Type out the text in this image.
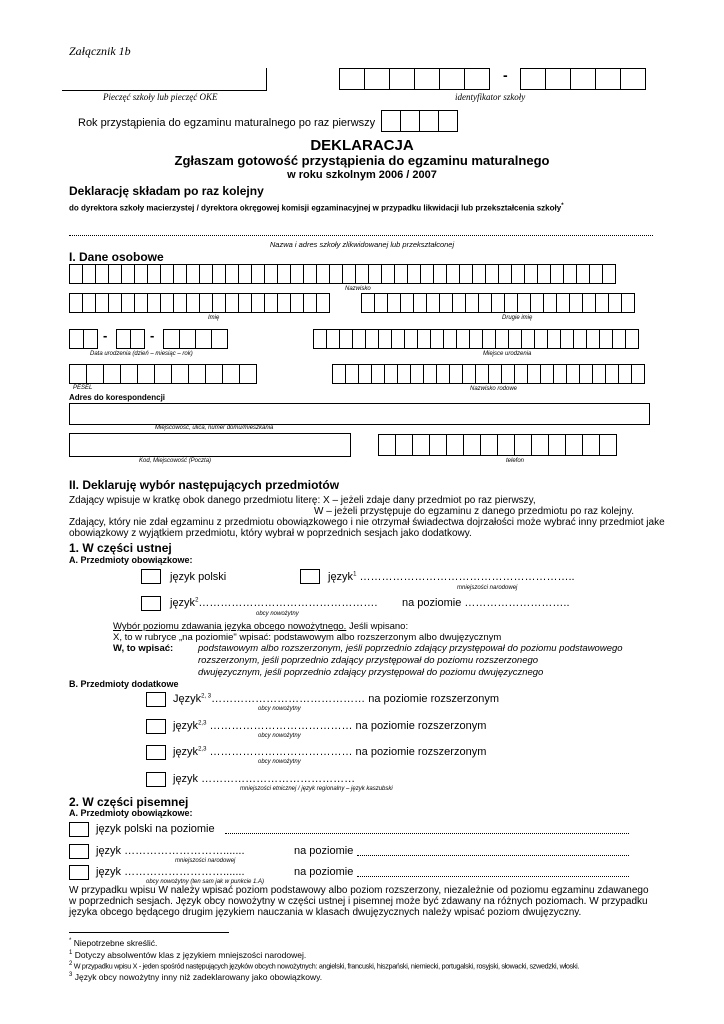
Załącznik 1b
Pieczęć szkoły lub pieczęć OKE
-
identyfikator szkoły
Rok przystąpienia do egzaminu maturalnego po raz pierwszy
DEKLARACJA
Zgłaszam gotowość przystąpienia do egzaminu maturalnego
w roku szkolnym 2006 / 2007
Deklarację składam po raz kolejny
do dyrektora szkoły macierzystej / dyrektora okręgowej komisji egzaminacyjnej w przypadku likwidacji lub przekształcenia szkoły*
Nazwa i adres szkoły zlikwidowanej lub przekształconej
I. Dane osobowe
Nazwisko
Imię	Drugie imię
-	-
Data urodzenia (dzień – miesiąc – rok)	Miejsce urodzenia
PESEL	Nazwisko rodowe
Adres do korespondencji
Miejscowość, ulica, numer domu/mieszkania
Kod, Miejscowość (Poczta)	telefon
II. Deklaruję wybór następujących przedmiotów
Zdający wpisuje w kratkę obok danego przedmiotu literę: X – jeżeli zdaje dany przedmiot po raz pierwszy,
W – jeżeli przystępuje do egzaminu z danego przedmiotu po raz kolejny.
Zdający, który nie zdał egzaminu z przedmiotu obowiązkowego i nie otrzymał świadectwa dojrzałości może wybrać inny przedmiot jake
obowiązkowy z wyjątkiem przedmiotu, który wybrał w poprzednich sesjach jako dodatkowy.
1. W części ustnej
A. Przedmioty obowiązkowe:
język polski	język$^1$ …………………………………………………..
mniejszości narodowej
język$^2$…………………………………………. na poziomie ………………………..
obcy nowożytny
Wybór poziomu zdawania języka obcego nowożytnego. Jeśli wpisano:
X, to w rubryce „na poziomie" wpisać: podstawowym albo rozszerzonym albo dwujęzycznym
W, to wpisać:	podstawowym albo rozszerzonym, jeśli poprzednio zdający przystępował do poziomu podstawowego
rozszerzonym, jeśli poprzednio zdający przystępował do poziomu rozszerzonego
dwujęzycznym, jeśli poprzednio zdający przystępował do poziomu dwujęzycznego
B. Przedmioty dodatkowe
Język$^{2, 3}$…………………………………… na poziomie rozszerzonym
obcy nowożytny
język$^{2,3}$ ………………………………… na poziomie rozszerzonym
obcy nowożytny
język$^{2,3}$ ………………………………… na poziomie rozszerzonym
obcy nowożytny
język ……………………………………
mniejszości etnicznej / język regionalny – język kaszubski
2. W części pisemnej
A. Przedmioty obowiązkowe:
język polski na poziomie
język ……………………….......
mniejszości narodowej
na poziomie
język ……………………….......
obcy nowożytny (ten sam jak w punkcie 1.A)
na poziomie
W przypadku wpisu W należy wpisać poziom podstawowy albo poziom rozszerzony, niezależnie od poziomu egzaminu zdawanego
w poprzednich sesjach. Język obcy nowożytny w części ustnej i pisemnej może być zdawany na różnych poziomach. W przypadku
języka obcego będącego drugim językiem nauczania w klasach dwujęzycznych należy wpisać poziom dwujęzyczny.
* Niepotrzebne skreślić.
$^1$ Dotyczy absolwentów klas z językiem mniejszości narodowej.
$^2$ W przypadku wpisu X - jeden spośród następujących języków obcych nowożytnych: angielski, francuski, hiszpański, niemiecki, portugalski, rosyjski, słowacki, szwedzki, włoski.
$^3$ Język obcy nowożytny inny niż zadeklarowany jako obowiązkowy.
